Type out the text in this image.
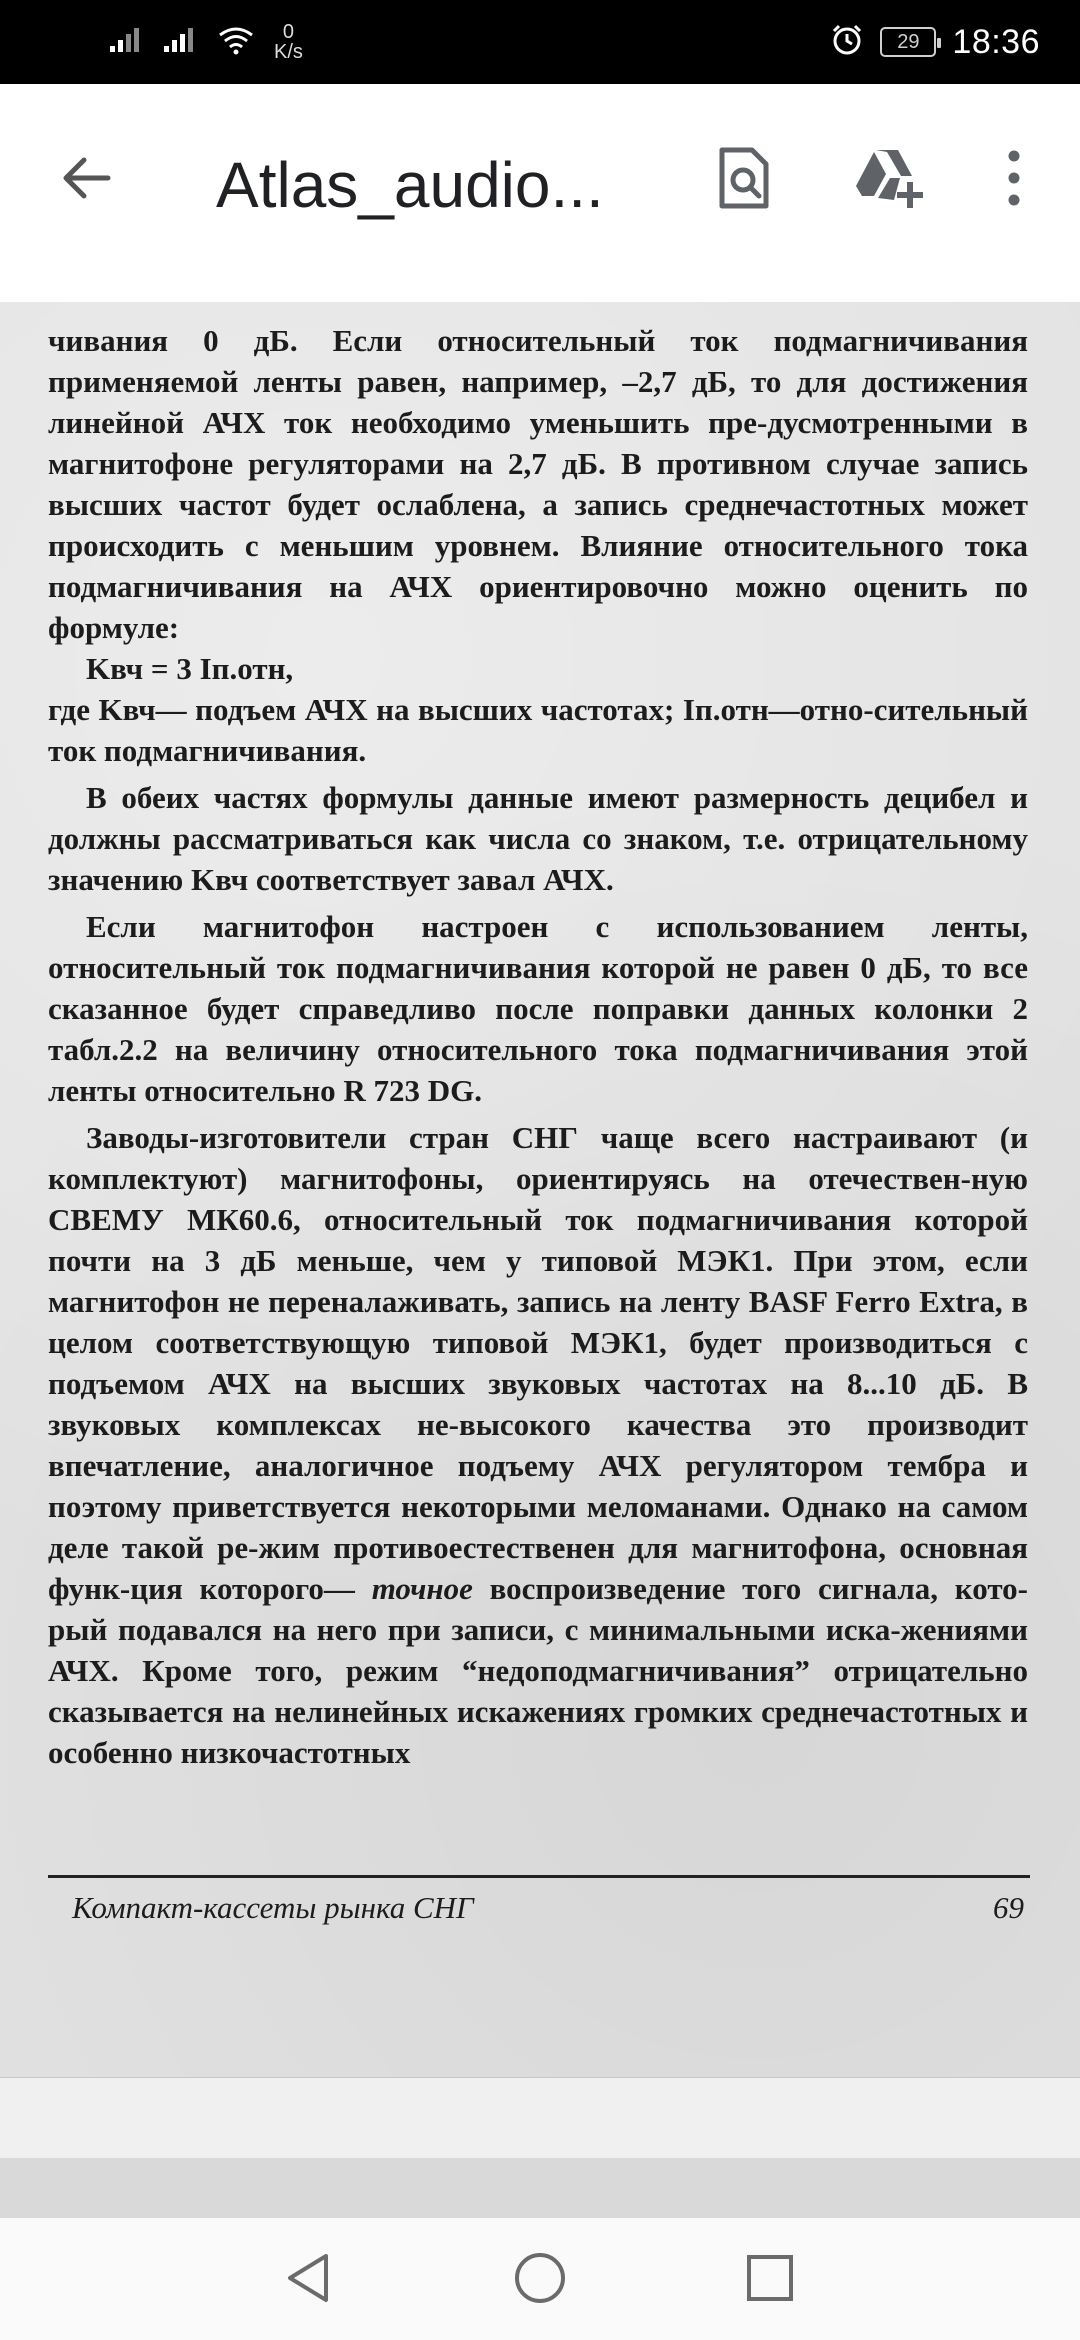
0
K/s	29 18:36
Atlas_audio...

чивания 0 дБ. Если относительный ток подмагничивания применяемой ленты равен, например, –2,7 дБ, то для достижения линейной АЧХ ток необходимо уменьшить пре-дусмотренными в магнитофоне регуляторами на 2,7 дБ. В противном случае запись высших частот будет ослаблена, а запись среднечастотных может происходить с меньшим уровнем. Влияние относительного тока подмагничивания на АЧХ ориентировочно можно оценить по формуле:

Kвч = 3 Iп.отн,

где Kвч— подъем АЧХ на высших частотах; Iп.отн—отно-сительный ток подмагничивания.

В обеих частях формулы данные имеют размерность децибел и должны рассматриваться как числа со знаком, т.е. отрицательному значению Kвч соответствует завал АЧХ.

Если магнитофон настроен с использованием ленты, относительный ток подмагничивания которой не равен 0 дБ, то все сказанное будет справедливо после поправки данных колонки 2 табл.2.2 на величину относительного тока подмагничивания этой ленты относительно R 723 DG.

Заводы-изготовители стран СНГ чаще всего настраивают (и комплектуют) магнитофоны, ориентируясь на отечествен-ную СВЕМУ МК60.6, относительный ток подмагничивания которой почти на 3 дБ меньше, чем у типовой МЭК1. При этом, если магнитофон не переналаживать, запись на ленту BASF Ferro Extra, в целом соответствующую типовой МЭК1, будет производиться с подъемом АЧХ на высших звуковых частотах на 8...10 дБ. В звуковых комплексах не-высокого качества это производит впечатление, аналогичное подъему АЧХ регулятором тембра и поэтому приветствуется некоторыми меломанами. Однако на самом деле такой ре-жим противоестественен для магнитофона, основная функ-ция которого— точное воспроизведение того сигнала, кото-рый подавался на него при записи, с минимальными иска-жениями АЧХ. Кроме того, режим “недоподмагничивания” отрицательно сказывается на нелинейных искажениях громких среднечастотных и особенно низкочастотных

Компакт-кассеты рынка СНГ	69
